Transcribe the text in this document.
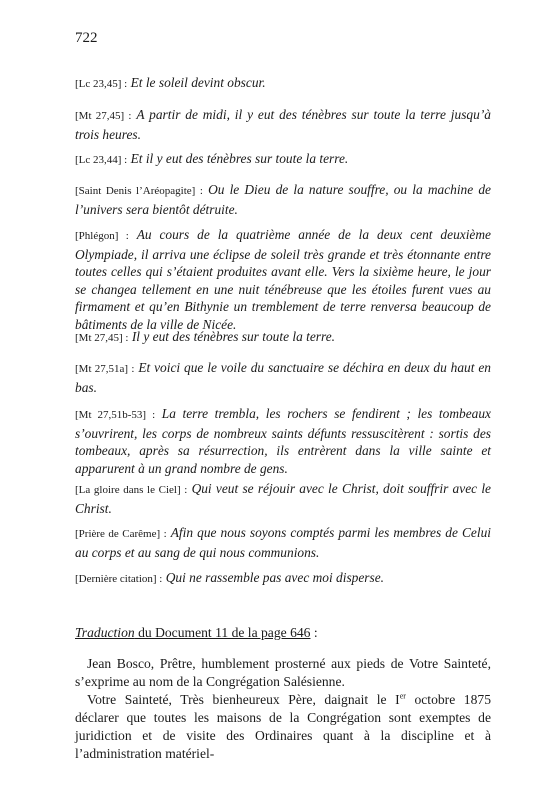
722
[Lc 23,45] : Et le soleil devint obscur.
[Mt 27,45] : A partir de midi, il y eut des ténèbres sur toute la terre jusqu’à trois heures.
[Lc 23,44] : Et il y eut des ténèbres sur toute la terre.
[Saint Denis l’Aréopagite] : Ou le Dieu de la nature souffre, ou la machine de l’univers sera bientôt détruite.
[Phlégon] : Au cours de la quatrième année de la deux cent deuxième Olympiade, il arriva une éclipse de soleil très grande et très étonnante entre toutes celles qui s’étaient produites avant elle. Vers la sixième heure, le jour se changea tellement en une nuit ténébreuse que les étoiles furent vues au firmament et qu’en Bithynie un tremblement de terre renversa beaucoup de bâtiments de la ville de Nicée.
[Mt 27,45] : Il y eut des ténèbres sur toute la terre.
[Mt 27,51a] : Et voici que le voile du sanctuaire se déchira en deux du haut en bas.
[Mt 27,51b-53] : La terre trembla, les rochers se fendirent ; les tombeaux s’ouvrirent, les corps de nombreux saints défunts ressuscitèrent : sortis des tombeaux, après sa résurrection, ils entrèrent dans la ville sainte et apparurent à un grand nombre de gens.
[La gloire dans le Ciel] : Qui veut se réjouir avec le Christ, doit souffrir avec le Christ.
[Prière de Carême] : Afin que nous soyons comptés parmi les membres de Celui au corps et au sang de qui nous communions.
[Dernière citation] : Qui ne rassemble pas avec moi disperse.
Traduction du Document 11 de la page 646 :
Jean Bosco, Prêtre, humblement prosterné aux pieds de Votre Sainteté, s’exprime au nom de la Congrégation Salésienne.
Votre Sainteté, Très bienheureux Père, daignait le Ier octobre 1875 déclarer que toutes les maisons de la Congrégation sont exemptes de juridiction et de visite des Ordinaires quant à la discipline et à l’administration matériel-
